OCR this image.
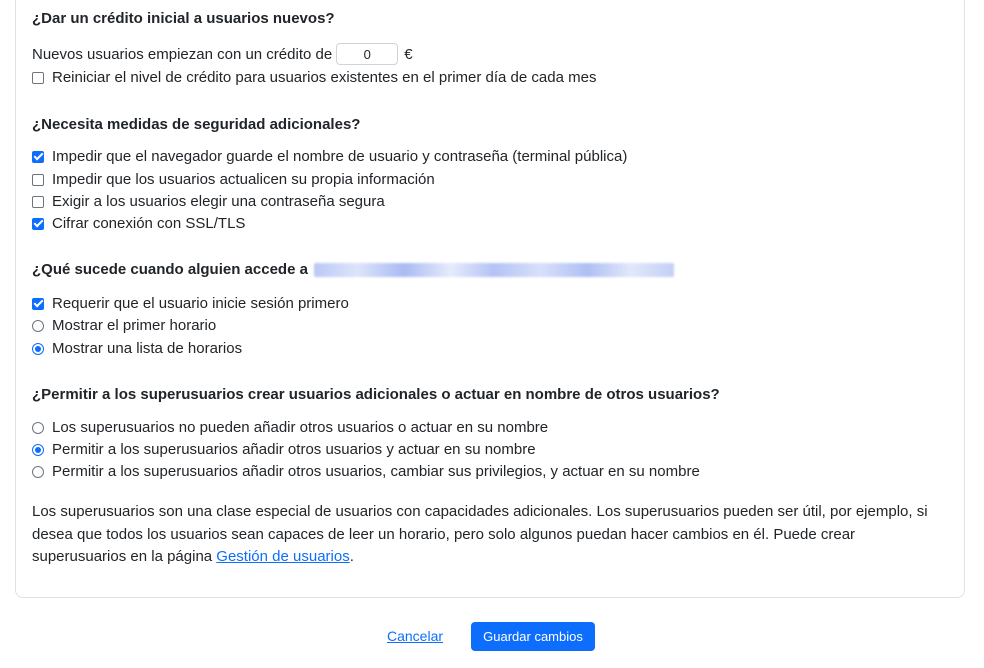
¿Dar un crédito inicial a usuarios nuevos?
Nuevos usuarios empiezan con un crédito de
0	€
Reiniciar el nivel de crédito para usuarios existentes en el primer día de cada mes
¿Necesita medidas de seguridad adicionales?
Impedir que el navegador guarde el nombre de usuario y contraseña (terminal pública)
Impedir que los usuarios actualicen su propia información
Exigir a los usuarios elegir una contraseña segura
Cifrar conexión con SSL/TLS
¿Qué sucede cuando alguien accede a
Requerir que el usuario inicie sesión primero
Mostrar el primer horario
Mostrar una lista de horarios
¿Permitir a los superusuarios crear usuarios adicionales o actuar en nombre de otros usuarios?
Los superusuarios no pueden añadir otros usuarios o actuar en su nombre
Permitir a los superusuarios añadir otros usuarios y actuar en su nombre
Permitir a los superusuarios añadir otros usuarios, cambiar sus privilegios, y actuar en su nombre
Los superusuarios son una clase especial de usuarios con capacidades adicionales. Los superusuarios pueden ser útil, por ejemplo, si desea que todos los usuarios sean capaces de leer un horario, pero solo algunos puedan hacer cambios en él. Puede crear superusuarios en la página Gestión de usuarios.
Cancelar	Guardar cambios
